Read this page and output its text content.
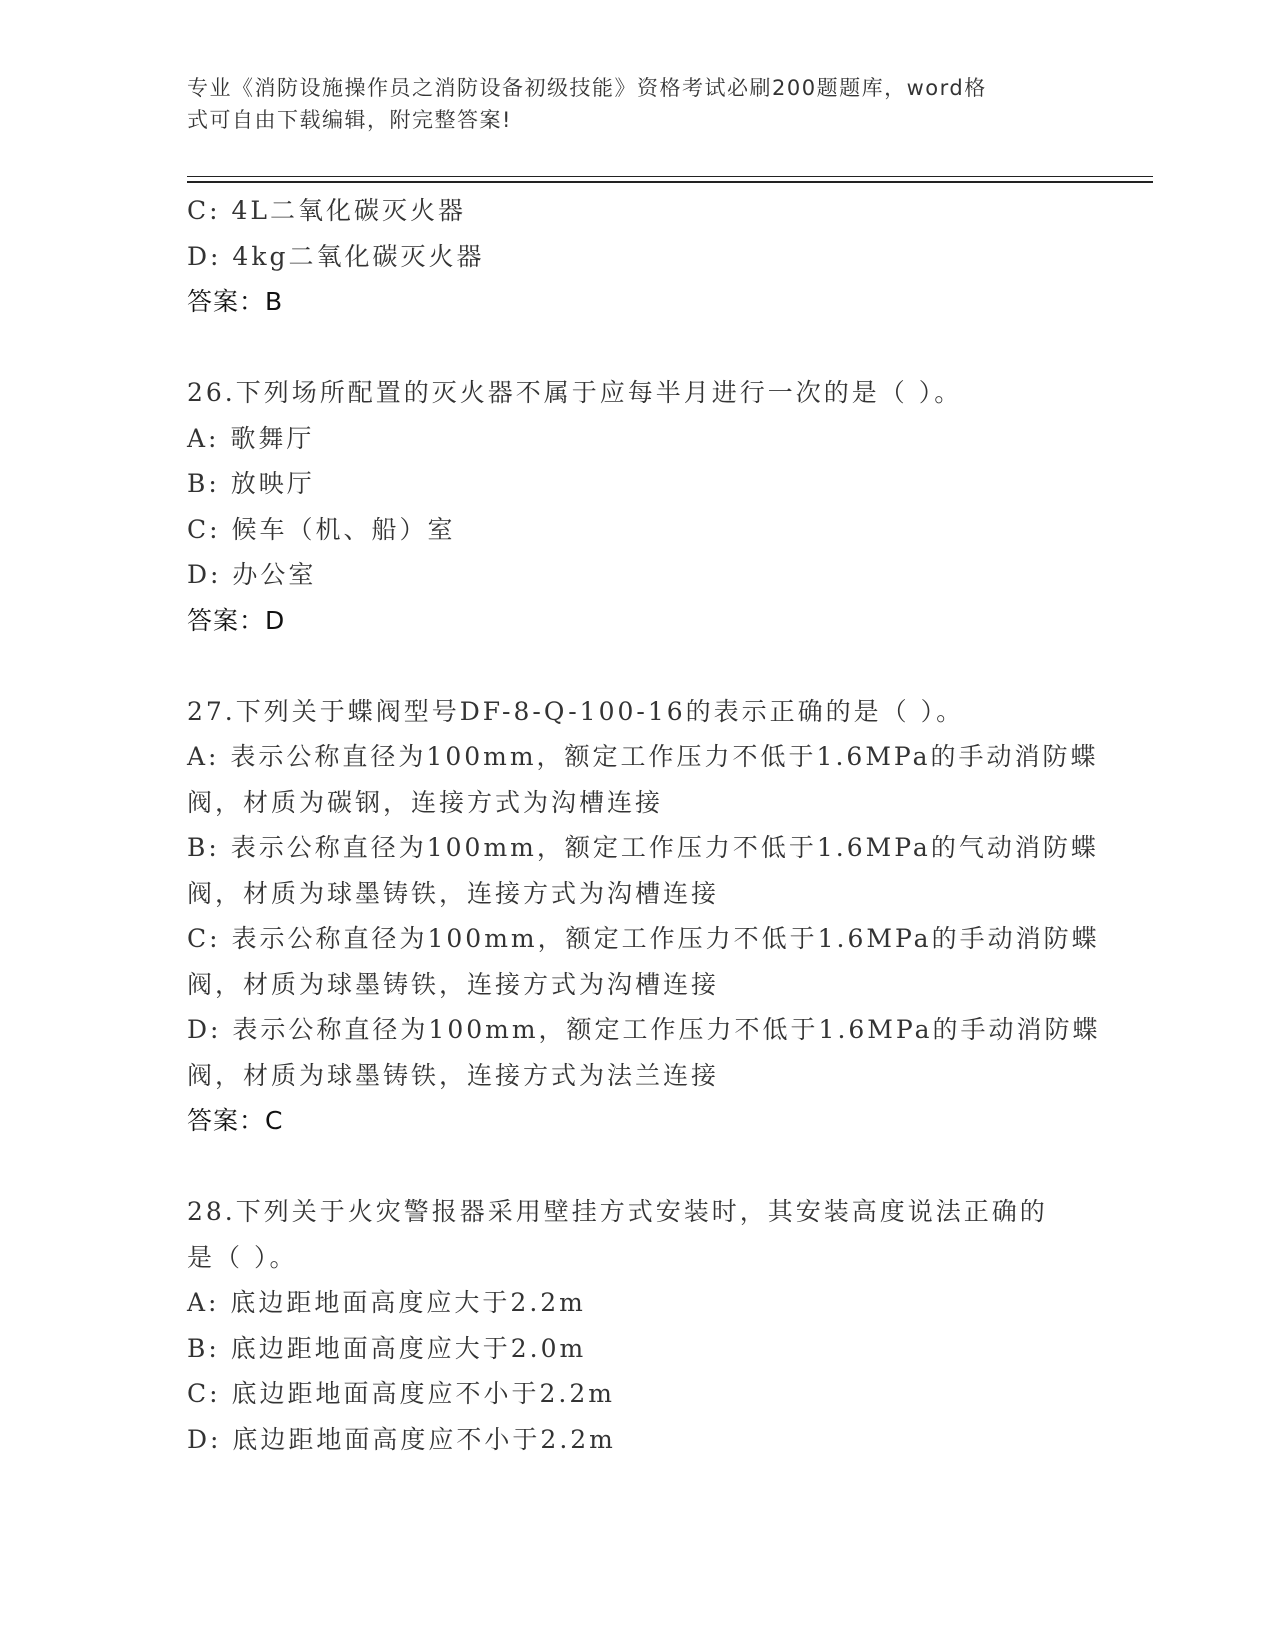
专业《消防设施操作员之消防设备初级技能》资格考试必刷200题题库，word格
式可自由下载编辑，附完整答案!
C: 4L二氧化碳灭火器
D: 4kg二氧化碳灭火器
答案：B
26.下列场所配置的灭火器不属于应每半月进行一次的是（ ）。
A: 歌舞厅
B: 放映厅
C: 候车（机、船）室
D: 办公室
答案：D
27.下列关于蝶阀型号DF-8-Q-100-16的表示正确的是（ ）。
A: 表示公称直径为100mm，额定工作压力不低于1.6MPa的手动消防蝶
阀，材质为碳钢，连接方式为沟槽连接
B: 表示公称直径为100mm，额定工作压力不低于1.6MPa的气动消防蝶
阀，材质为球墨铸铁，连接方式为沟槽连接
C: 表示公称直径为100mm，额定工作压力不低于1.6MPa的手动消防蝶
阀，材质为球墨铸铁，连接方式为沟槽连接
D: 表示公称直径为100mm，额定工作压力不低于1.6MPa的手动消防蝶
阀，材质为球墨铸铁，连接方式为法兰连接
答案：C
28.下列关于火灾警报器采用壁挂方式安装时，其安装高度说法正确的
是（ ）。
A: 底边距地面高度应大于2.2m
B: 底边距地面高度应大于2.0m
C: 底边距地面高度应不小于2.2m
D: 底边距地面高度应不小于2.2m
